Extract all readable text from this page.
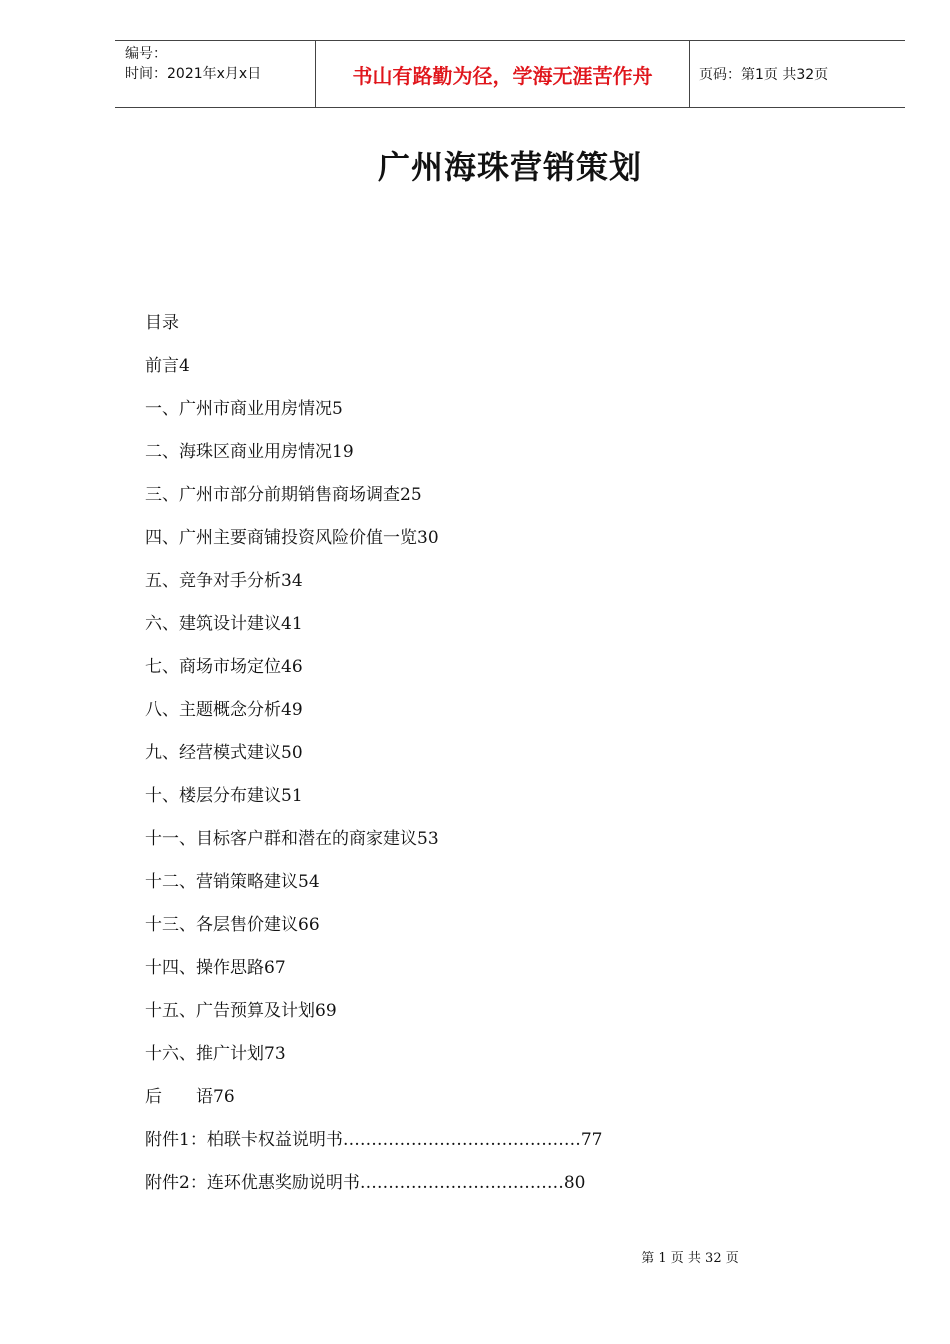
编号：
时间：2021年x月x日	书山有路勤为径，学海无涯苦作舟	页码：第1页 共32页
广州海珠营销策划
目录
前言4
一、广州市商业用房情况5
二、海珠区商业用房情况19
三、广州市部分前期销售商场调查25
四、广州主要商铺投资风险价值一览30
五、竞争对手分析34
六、建筑设计建议41
七、商场市场定位46
八、主题概念分析49
九、经营模式建议50
十、楼层分布建议51
十一、目标客户群和潜在的商家建议53
十二、营销策略建议54
十三、各层售价建议66
十四、操作思路67
十五、广告预算及计划69
十六、推广计划73
后　　语76
附件1：柏联卡权益说明书……………………………………77
附件2：连环优惠奖励说明书………………………………80
第 1 页 共 32 页
